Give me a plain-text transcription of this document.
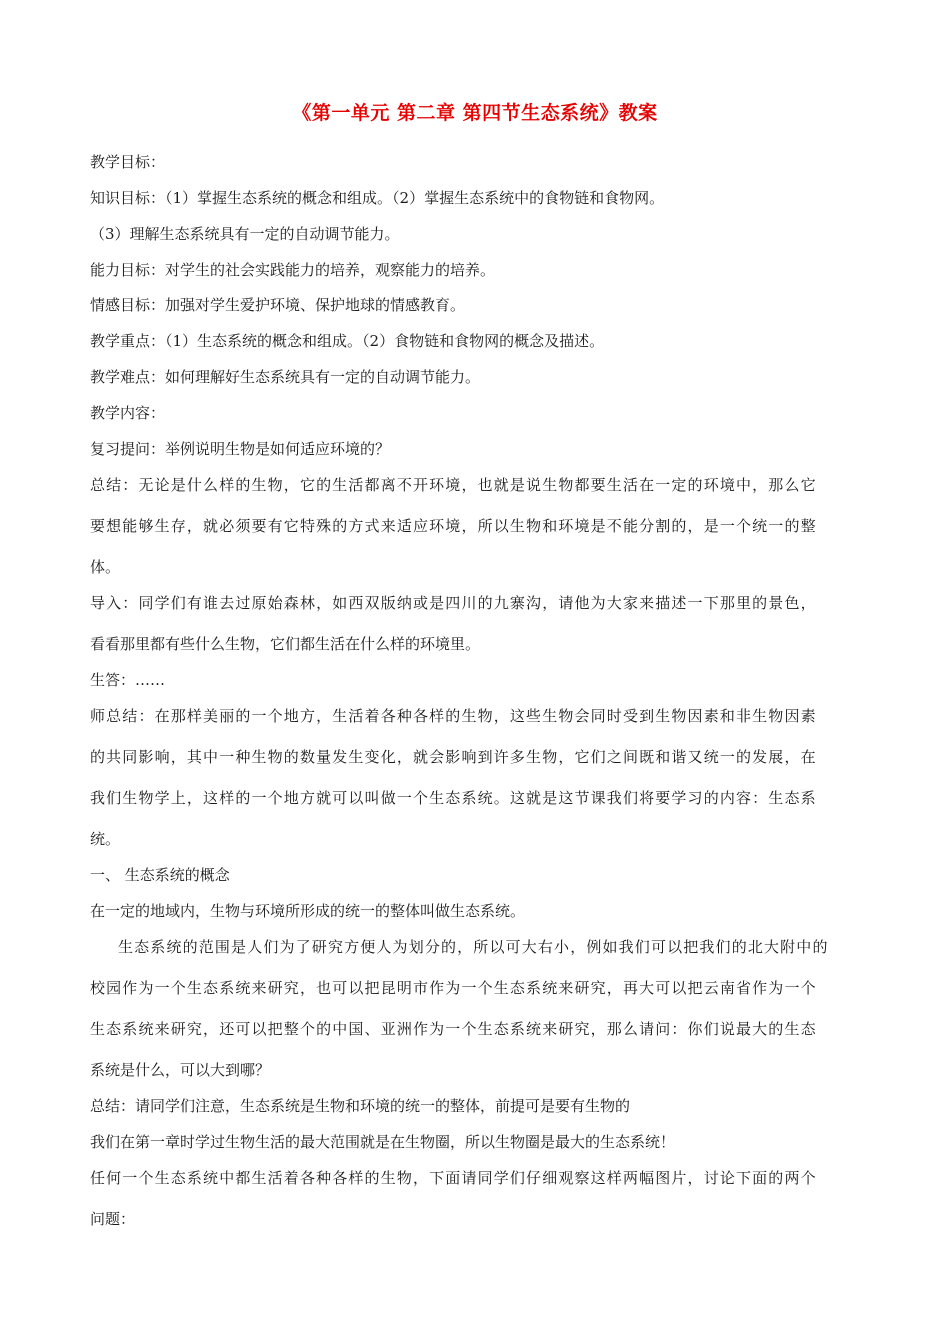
《第一单元 第二章 第四节生态系统》教案
教学目标：
知识目标：（1）掌握生态系统的概念和组成。（2）掌握生态系统中的食物链和食物网。
（3）理解生态系统具有一定的自动调节能力。
能力目标：对学生的社会实践能力的培养，观察能力的培养。
情感目标：加强对学生爱护环境、保护地球的情感教育。
教学重点：（1）生态系统的概念和组成。（2）食物链和食物网的概念及描述。
教学难点：如何理解好生态系统具有一定的自动调节能力。
教学内容：
复习提问：举例说明生物是如何适应环境的？
总结：无论是什么样的生物，它的生活都离不开环境，也就是说生物都要生活在一定的环境中，那么它
要想能够生存，就必须要有它特殊的方式来适应环境，所以生物和环境是不能分割的，是一个统一的整
体。
导入：同学们有谁去过原始森林，如西双版纳或是四川的九寨沟，请他为大家来描述一下那里的景色，
看看那里都有些什么生物，它们都生活在什么样的环境里。
生答：……
师总结：在那样美丽的一个地方，生活着各种各样的生物，这些生物会同时受到生物因素和非生物因素
的共同影响，其中一种生物的数量发生变化，就会影响到许多生物，它们之间既和谐又统一的发展，在
我们生物学上，这样的一个地方就可以叫做一个生态系统。这就是这节课我们将要学习的内容：生态系
统。
一、 生态系统的概念
在一定的地域内，生物与环境所形成的统一的整体叫做生态系统。
生态系统的范围是人们为了研究方便人为划分的，所以可大右小，例如我们可以把我们的北大附中的
校园作为一个生态系统来研究，也可以把昆明市作为一个生态系统来研究，再大可以把云南省作为一个
生态系统来研究，还可以把整个的中国、亚洲作为一个生态系统来研究，那么请问：你们说最大的生态
系统是什么，可以大到哪？
总结：请同学们注意，生态系统是生物和环境的统一的整体，前提可是要有生物的
我们在第一章时学过生物生活的最大范围就是在生物圈，所以生物圈是最大的生态系统！
任何一个生态系统中都生活着各种各样的生物，下面请同学们仔细观察这样两幅图片，讨论下面的两个
问题：
